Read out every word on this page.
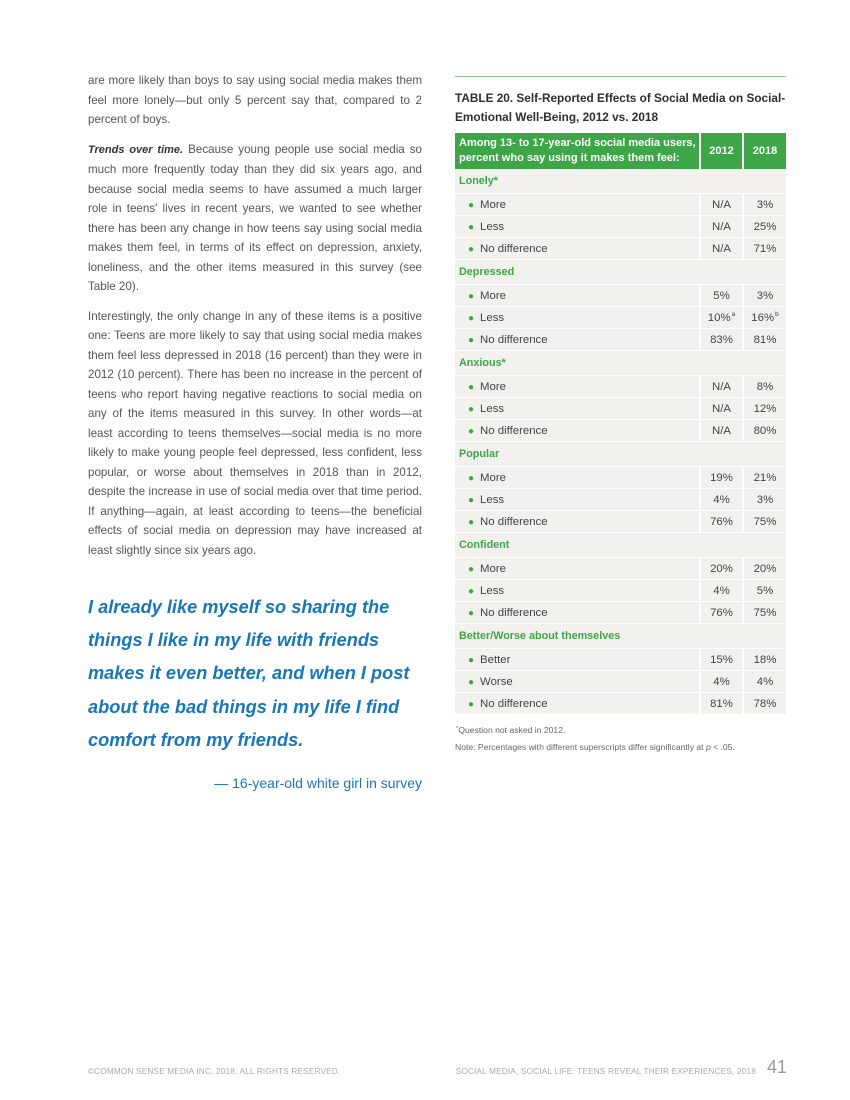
are more likely than boys to say using social media makes them feel more lonely—but only 5 percent say that, compared to 2 percent of boys.

Trends over time. Because young people use social media so much more frequently today than they did six years ago, and because social media seems to have assumed a much larger role in teens' lives in recent years, we wanted to see whether there has been any change in how teens say using social media makes them feel, in terms of its effect on depression, anxiety, loneliness, and the other items measured in this survey (see Table 20).

Interestingly, the only change in any of these items is a positive one: Teens are more likely to say that using social media makes them feel less depressed in 2018 (16 percent) than they were in 2012 (10 percent). There has been no increase in the percent of teens who report having negative reactions to social media on any of the items measured in this survey. In other words—at least according to teens themselves—social media is no more likely to make young people feel depressed, less confident, less popular, or worse about themselves in 2018 than in 2012, despite the increase in use of social media over that time period. If anything—again, at least according to teens—the beneficial effects of social media on depression may have increased at least slightly since six years ago.

I already like myself so sharing the things I like in my life with friends makes it even better, and when I post about the bad things in my life I find comfort from my friends.
— 16-year-old white girl in survey
TABLE 20. Self-Reported Effects of Social Media on Social-Emotional Well-Being, 2012 vs. 2018
Among 13- to 17-year-old social media users, percent who say using it makes them feel:	2012	2018
Lonely*		
● More	N/A	3%
● Less	N/A	25%
● No difference	N/A	71%
Depressed		
● More	5%	3%
● Less	10%$^a$	16%$^b$
● No difference	83%	81%
Anxious*		
● More	N/A	8%
● Less	N/A	12%
● No difference	N/A	80%
Popular		
● More	19%	21%
● Less	4%	3%
● No difference	76%	75%
Confident		
● More	20%	20%
● Less	4%	5%
● No difference	76%	75%
Better/Worse about themselves		
● Better	15%	18%
● Worse	4%	4%
● No difference	81%	78%

*Question not asked in 2012.

Note: Percentages with different superscripts differ significantly at p < .05.

©COMMON SENSE MEDIA INC. 2018. ALL RIGHTS RESERVED.	SOCIAL MEDIA, SOCIAL LIFE: TEENS REVEAL THEIR EXPERIENCES, 2018 41
